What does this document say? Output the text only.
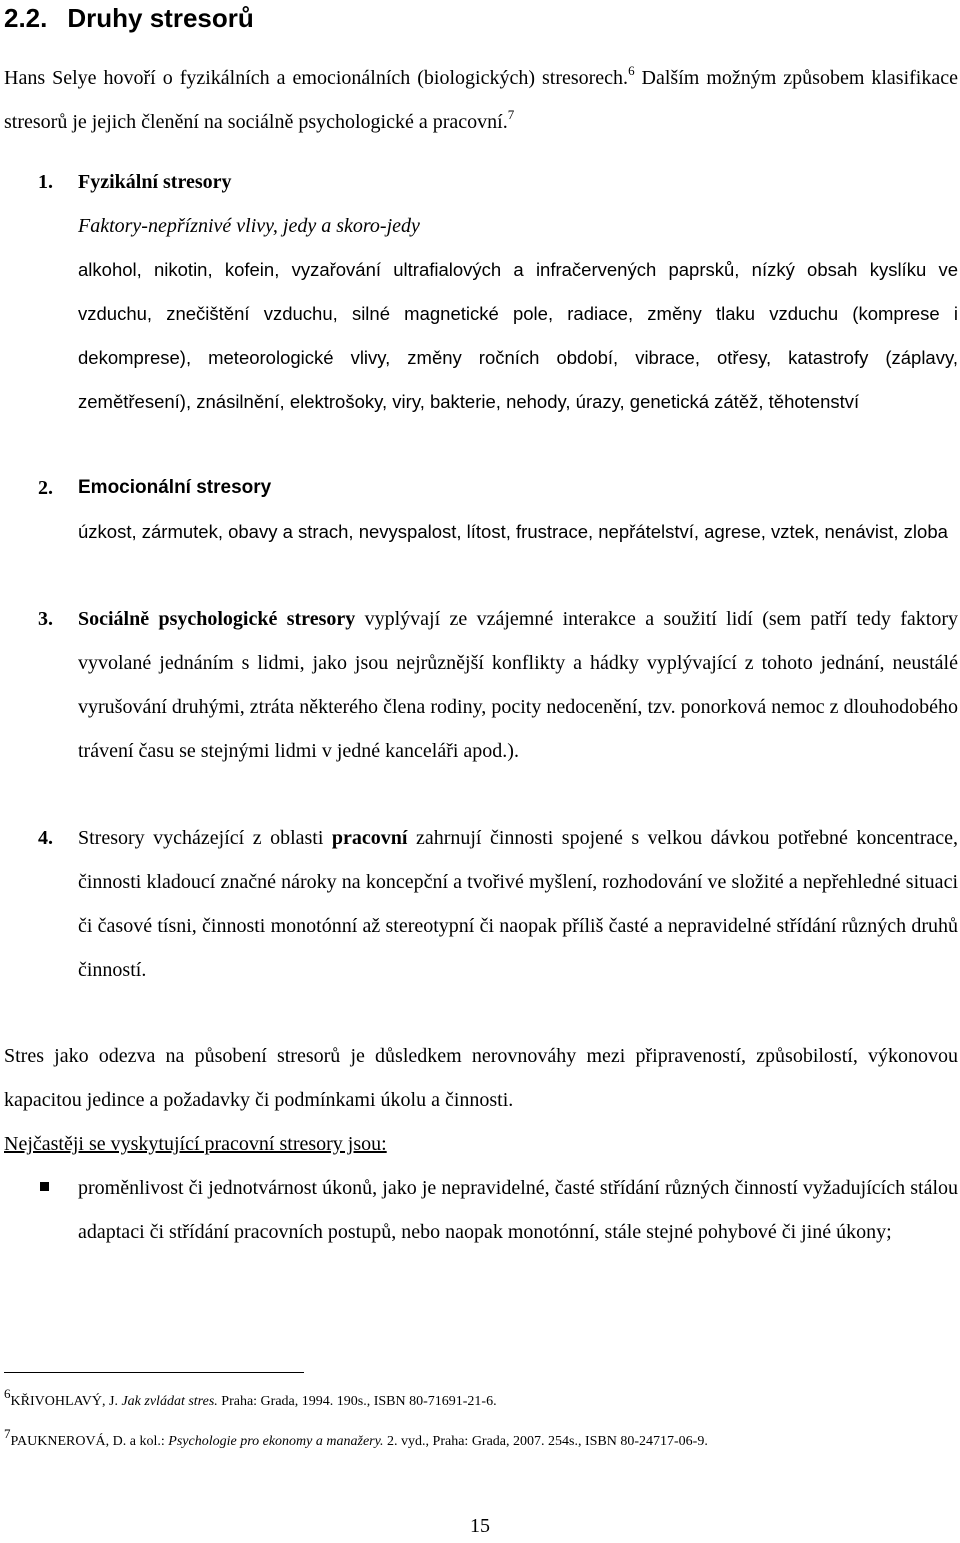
2.2. Druhy stresorů

Hans Selye hovoří o fyzikálních a emocionálních (biologických) stresorech.$^6$ Dalším možným způsobem klasifikace stresorů je jejich členění na sociálně psychologické a pracovní.$^7$

1. Fyzikální stresory
Faktory-nepříznivé vlivy, jedy a skoro-jedy
alkohol, nikotin, kofein, vyzařování ultrafialových a infračervených paprsků, nízký obsah kyslíku ve vzduchu, znečištění vzduchu, silné magnetické pole, radiace, změny tlaku vzduchu (komprese i dekomprese), meteorologické vlivy, změny ročních období, vibrace, otřesy, katastrofy (záplavy, zemětřesení), znásilnění, elektrošoky, viry, bakterie, nehody, úrazy, genetická zátěž, těhotenství
2. Emocionální stresory
úzkost, zármutek, obavy a strach, nevyspalost, lítost, frustrace, nepřátelství, agrese, vztek, nenávist, zloba
3. Sociálně psychologické stresory vyplývají ze vzájemné interakce a soužití lidí (sem patří tedy faktory vyvolané jednáním s lidmi, jako jsou nejrůznější konflikty a hádky vyplývající z tohoto jednání, neustálé vyrušování druhými, ztráta některého člena rodiny, pocity nedocenění, tzv. ponorková nemoc z dlouhodobého trávení času se stejnými lidmi v jedné kanceláři apod.).
4. Stresory vycházející z oblasti pracovní zahrnují činnosti spojené s velkou dávkou potřebné koncentrace, činnosti kladoucí značné nároky na koncepční a tvořivé myšlení, rozhodování ve složité a nepřehledné situaci či časové tísni, činnosti monotónní až stereotypní či naopak příliš časté a nepravidelné střídání různých druhů činností.

Stres jako odezva na působení stresorů je důsledkem nerovnováhy mezi připraveností, způsobilostí, výkonovou kapacitou jedince a požadavky či podmínkami úkolu a činnosti.

Nejčastěji se vyskytující pracovní stresory jsou:

proměnlivost či jednotvárnost úkonů, jako je nepravidelné, časté střídání různých činností vyžadujících stálou adaptaci či střídání pracovních postupů, nebo naopak monotónní, stále stejné pohybové či jiné úkony;
6KŘIVOHLAVÝ, J. Jak zvládat stres. Praha: Grada, 1994. 190s., ISBN 80-71691-21-6.
7PAUKNEROVÁ, D. a kol.: Psychologie pro ekonomy a manažery. 2. vyd., Praha: Grada, 2007. 254s., ISBN 80-24717-06-9.
15
